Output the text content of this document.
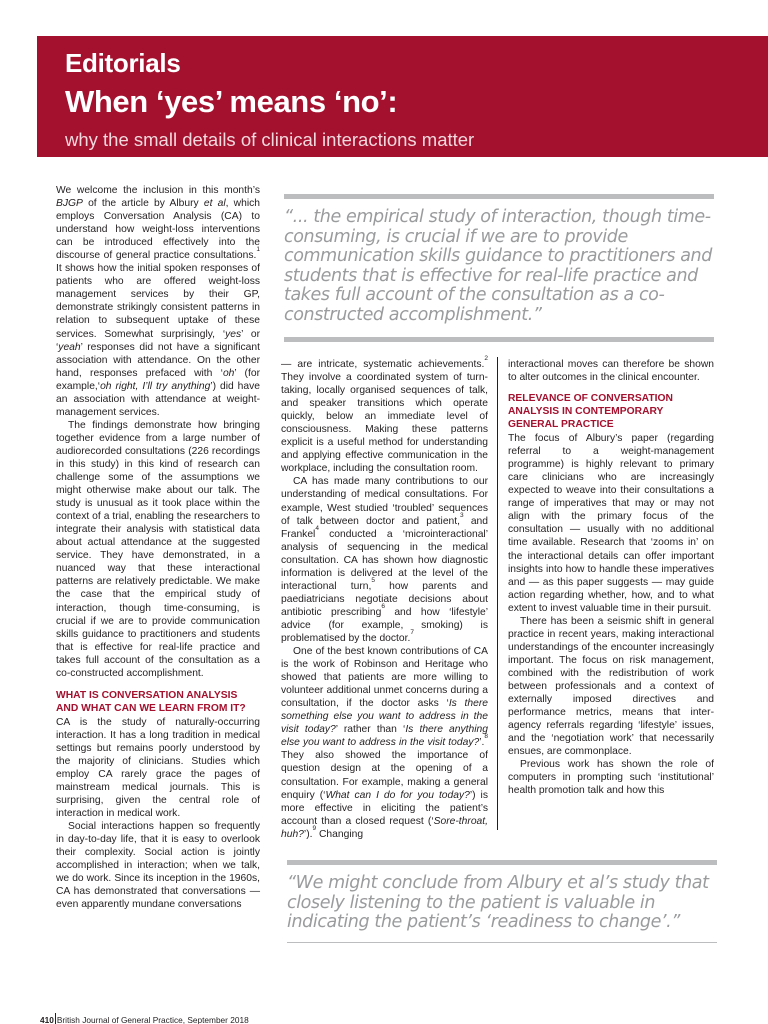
Editorials
When ‘yes’ means ‘no’:
why the small details of clinical interactions matter
“... the empirical study of interaction, though time-consuming, is crucial if we are to provide communication skills guidance to practitioners and students that is effective for real-life practice and takes full account of the consultation as a co-constructed accomplishment.”

We welcome the inclusion in this month’s BJGP of the article by Albury et al, which employs Conversation Analysis (CA) to understand how weight-loss interventions can be introduced effectively into the discourse of general practice consultations.$^1$ It shows how the initial spoken responses of patients who are offered weight-loss management services by their GP, demonstrate strikingly consistent patterns in relation to subsequent uptake of these services. Somewhat surprisingly, ‘yes’ or ‘yeah’ responses did not have a significant association with attendance. On the other hand, responses prefaced with ‘oh’ (for example,‘oh right, I’ll try anything’) did have an association with attendance at weight-management services.

The findings demonstrate how bringing together evidence from a large number of audiorecorded consultations (226 recordings in this study) in this kind of research can challenge some of the assumptions we might otherwise make about our talk. The study is unusual as it took place within the context of a trial, enabling the researchers to integrate their analysis with statistical data about actual attendance at the suggested service. They have demonstrated, in a nuanced way that these interactional patterns are relatively predictable. We make the case that the empirical study of interaction, though time-consuming, is crucial if we are to provide communication skills guidance to practitioners and students that is effective for real-life practice and takes full account of the consultation as a co-constructed accomplishment.

WHAT IS CONVERSATION ANALYSIS AND WHAT CAN WE LEARN FROM IT?

CA is the study of naturally-occurring interaction. It has a long tradition in medical settings but remains poorly understood by the majority of clinicians. Studies which employ CA rarely grace the pages of mainstream medical journals. This is surprising, given the central role of interaction in medical work.

Social interactions happen so frequently in day-to-day life, that it is easy to overlook their complexity. Social action is jointly accomplished in interaction; when we talk, we do work. Since its inception in the 1960s, CA has demonstrated that conversations — even apparently mundane conversations

— are intricate, systematic achievements.$^2$ They involve a coordinated system of turn-taking, locally organised sequences of talk, and speaker transitions which operate quickly, below an immediate level of consciousness. Making these patterns explicit is a useful method for understanding and applying effective communication in the workplace, including the consultation room.

CA has made many contributions to our understanding of medical consultations. For example, West studied ‘troubled’ sequences of talk between doctor and patient,$^3$ and Frankel$^4$ conducted a ‘microinteractional’ analysis of sequencing in the medical consultation. CA has shown how diagnostic information is delivered at the level of the interactional turn,$^5$ how parents and paediatricians negotiate decisions about antibiotic prescribing$^6$ and how ‘lifestyle’ advice (for example, smoking) is problematised by the doctor.$^7$

One of the best known contributions of CA is the work of Robinson and Heritage who showed that patients are more willing to volunteer additional unmet concerns during a consultation, if the doctor asks ‘Is there something else you want to address in the visit today?’ rather than ‘Is there anything else you want to address in the visit today?’.$^8$ They also showed the importance of question design at the opening of a consultation. For example, making a general enquiry (‘What can I do for you today?’) is more effective in eliciting the patient’s account than a closed request (‘Sore-throat, huh?’).$^9$ Changing

interactional moves can therefore be shown to alter outcomes in the clinical encounter.

RELEVANCE OF CONVERSATION ANALYSIS IN CONTEMPORARY GENERAL PRACTICE

The focus of Albury’s paper (regarding referral to a weight-management programme) is highly relevant to primary care clinicians who are increasingly expected to weave into their consultations a range of imperatives that may or may not align with the primary focus of the consultation — usually with no additional time available. Research that ‘zooms in’ on the interactional details can offer important insights into how to handle these imperatives and — as this paper suggests — may guide action regarding whether, how, and to what extent to invest valuable time in their pursuit.

There has been a seismic shift in general practice in recent years, making interactional understandings of the encounter increasingly important. The focus on risk management, combined with the redistribution of work between professionals and a context of externally imposed directives and performance metrics, means that inter-agency referrals regarding ‘lifestyle’ issues, and the ‘negotiation work’ that necessarily ensues, are commonplace.

Previous work has shown the role of computers in prompting such ‘institutional’ health promotion talk and how this

“We might conclude from Albury et al’s study that closely listening to the patient is valuable in indicating the patient’s ‘readiness to change’.”
410 British Journal of General Practice, September 2018
